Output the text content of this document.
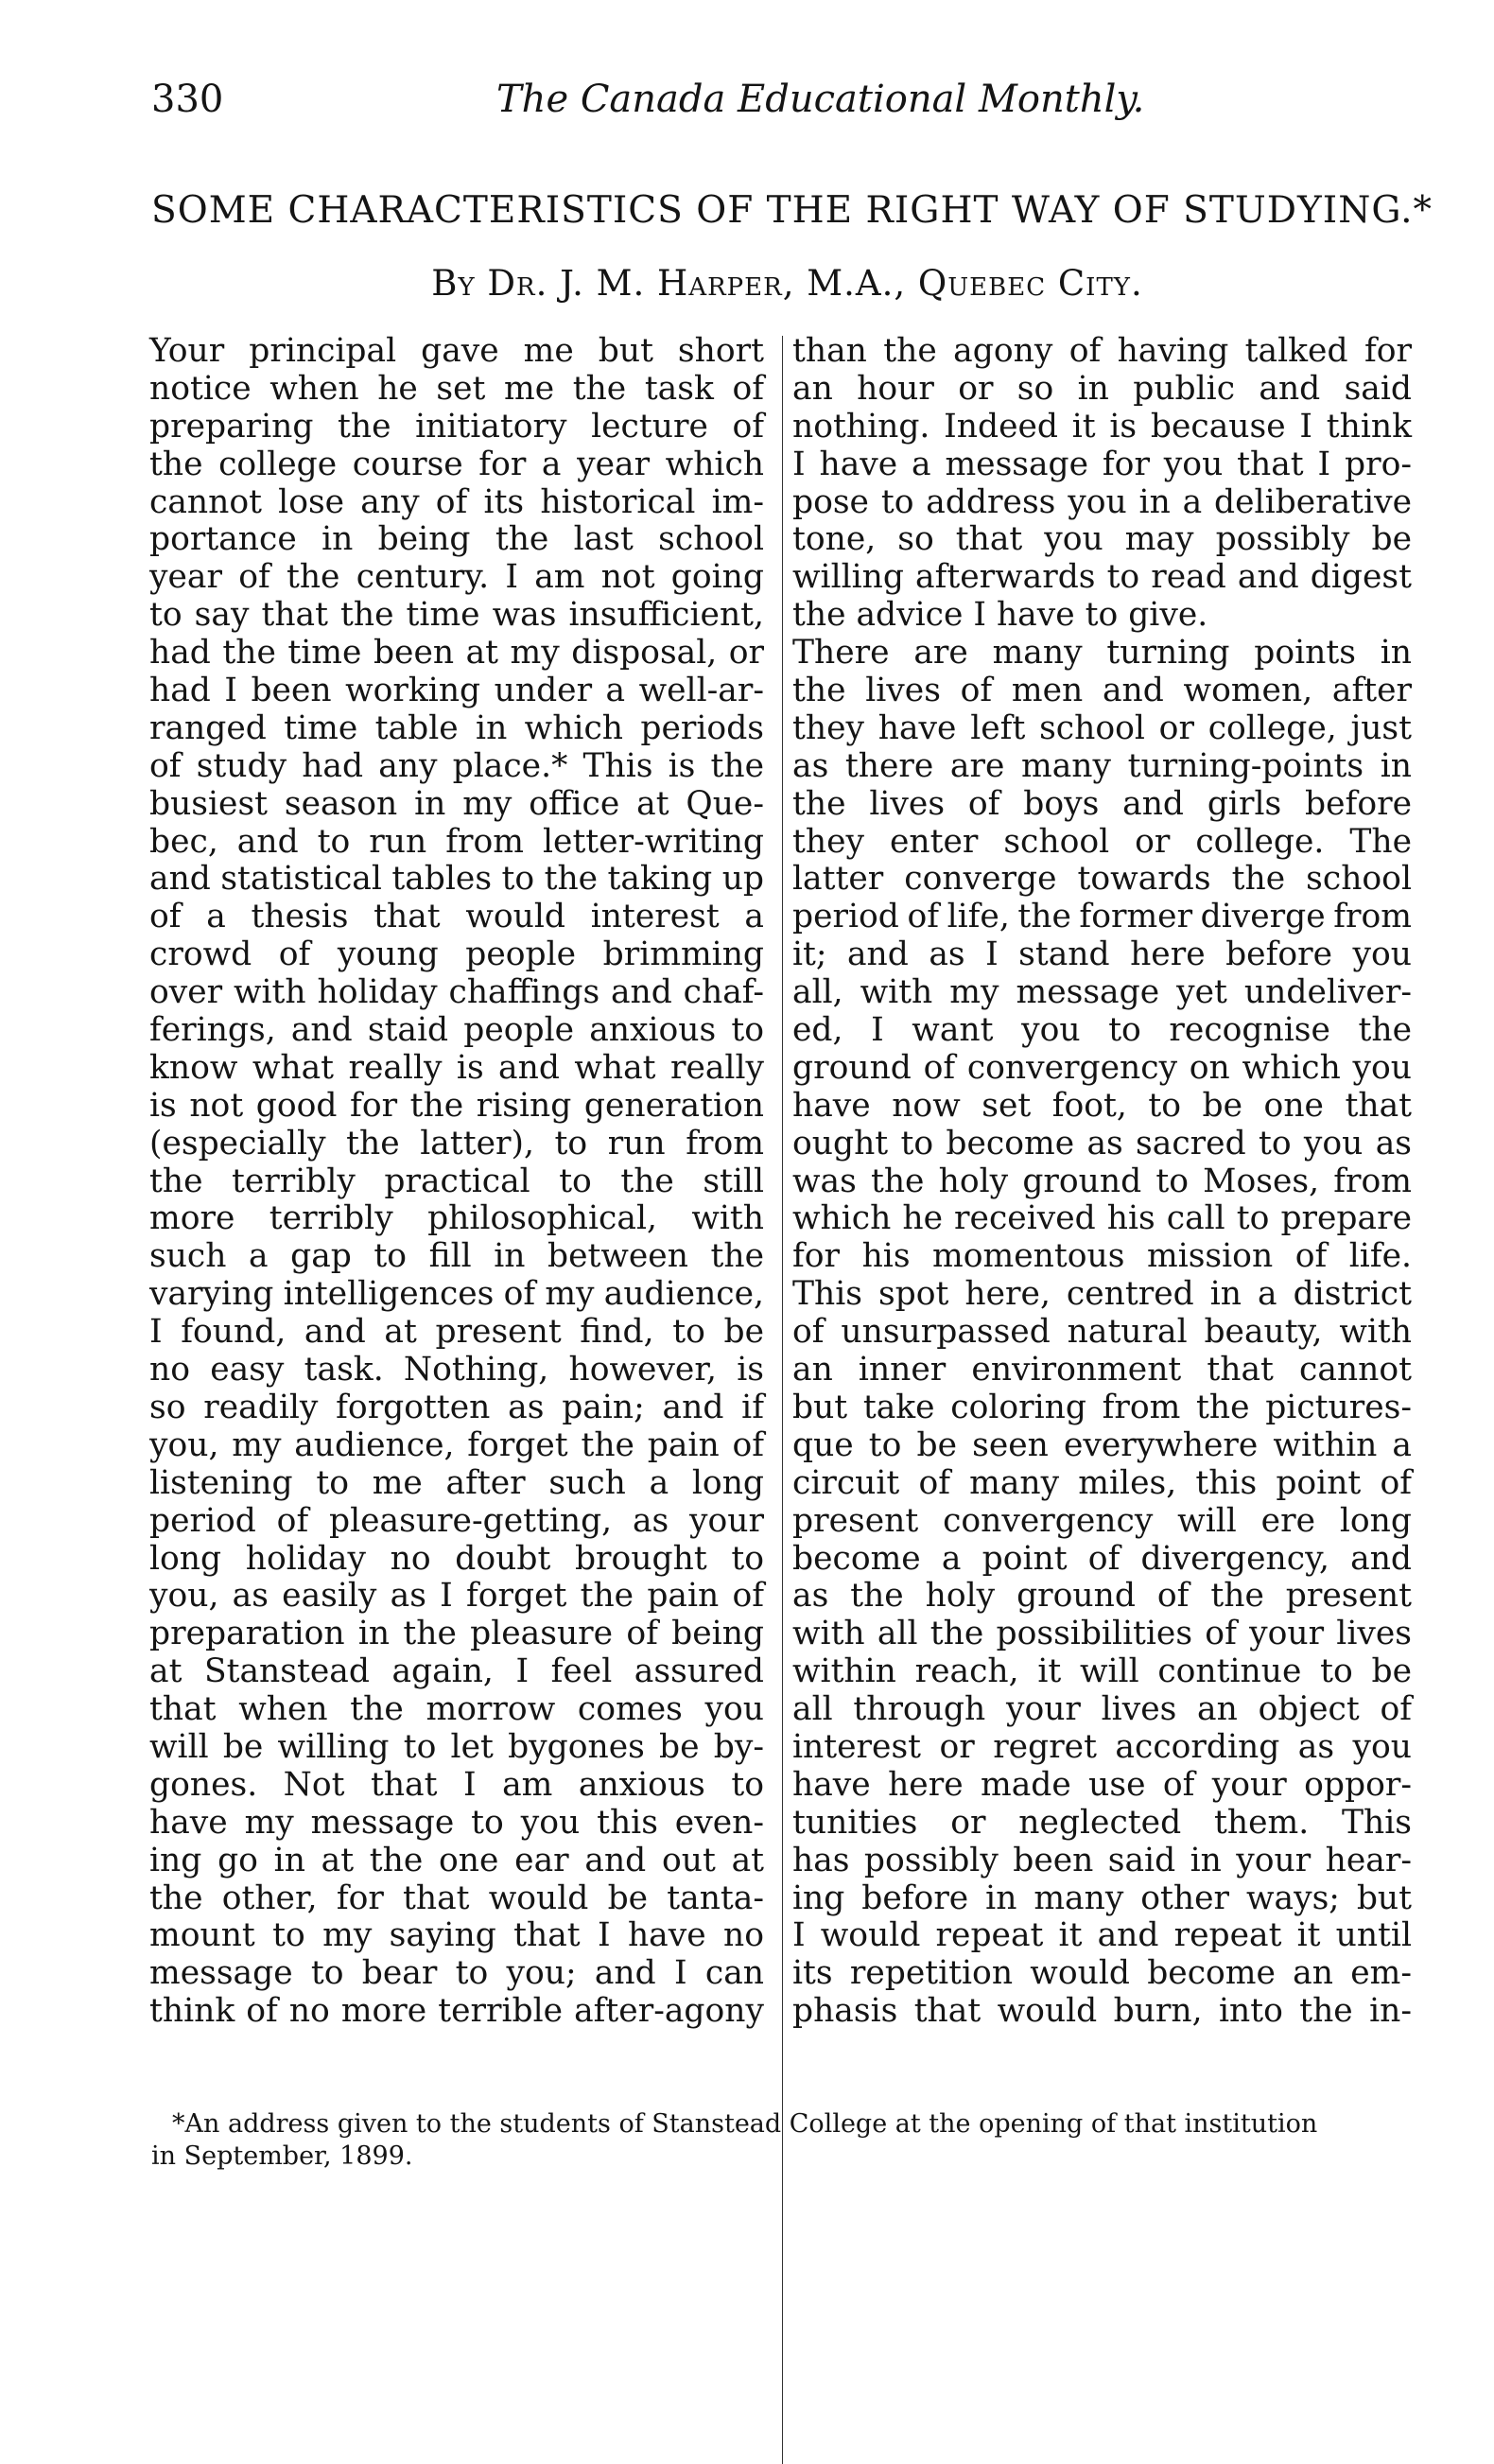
330	The Canada Educational Monthly.
SOME CHARACTERISTICS OF THE RIGHT WAY OF STUDYING.*
By Dr. J. M. Harper, M.A., Quebec City.
Your principal gave me but short
notice when he set me the task of
preparing the initiatory lecture of
the college course for a year which
cannot lose any of its historical im-
portance in being the last school
year of the century. I am not going
to say that the time was insufficient,
had the time been at my disposal, or
had I been working under a well-ar-
ranged time table in which periods
of study had any place.* This is the
busiest season in my office at Que-
bec, and to run from letter-writing
and statistical tables to the taking up
of a thesis that would interest a
crowd of young people brimming
over with holiday chaffings and chaf-
ferings, and staid people anxious to
know what really is and what really
is not good for the rising generation
(especially the latter), to run from
the terribly practical to the still
more terribly philosophical, with
such a gap to fill in between the
varying intelligences of my audience,
I found, and at present find, to be
no easy task. Nothing, however, is
so readily forgotten as pain; and if
you, my audience, forget the pain of
listening to me after such a long
period of pleasure-getting, as your
long holiday no doubt brought to
you, as easily as I forget the pain of
preparation in the pleasure of being
at Stanstead again, I feel assured
that when the morrow comes you
will be willing to let bygones be by-
gones. Not that I am anxious to
have my message to you this even-
ing go in at the one ear and out at
the other, for that would be tanta-
mount to my saying that I have no
message to bear to you; and I can
think of no more terrible after-agony
than the agony of having talked for
an hour or so in public and said
nothing. Indeed it is because I think
I have a message for you that I pro-
pose to address you in a deliberative
tone, so that you may possibly be
willing afterwards to read and digest
the advice I have to give.
There are many turning points in
the lives of men and women, after
they have left school or college, just
as there are many turning-points in
the lives of boys and girls before
they enter school or college. The
latter converge towards the school
period of life, the former diverge from
it; and as I stand here before you
all, with my message yet undeliver-
ed, I want you to recognise the
ground of convergency on which you
have now set foot, to be one that
ought to become as sacred to you as
was the holy ground to Moses, from
which he received his call to prepare
for his momentous mission of life.
This spot here, centred in a district
of unsurpassed natural beauty, with
an inner environment that cannot
but take coloring from the pictures-
que to be seen everywhere within a
circuit of many miles, this point of
present convergency will ere long
become a point of divergency, and
as the holy ground of the present
with all the possibilities of your lives
within reach, it will continue to be
all through your lives an object of
interest or regret according as you
have here made use of your oppor-
tunities or neglected them. This
has possibly been said in your hear-
ing before in many other ways; but
I would repeat it and repeat it until
its repetition would become an em-
phasis that would burn, into the in-
*An address given to the students of Stanstead College at the opening of that institution
in September, 1899.
